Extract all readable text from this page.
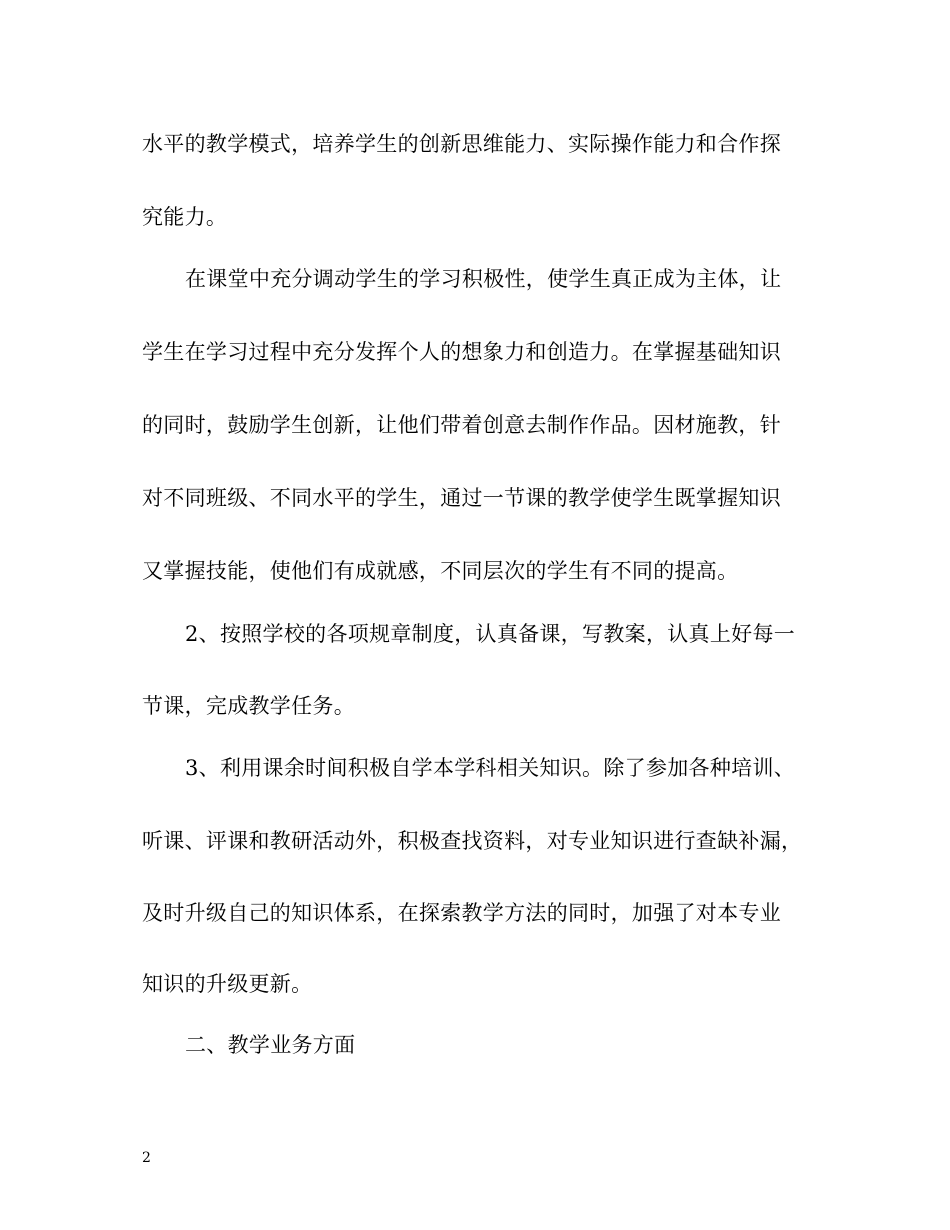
水平的教学模式，培养学生的创新思维能力、实际操作能力和合作探
究能力。
在课堂中充分调动学生的学习积极性，使学生真正成为主体，让
学生在学习过程中充分发挥个人的想象力和创造力。在掌握基础知识
的同时，鼓励学生创新，让他们带着创意去制作作品。因材施教，针
对不同班级、不同水平的学生，通过一节课的教学使学生既掌握知识
又掌握技能，使他们有成就感，不同层次的学生有不同的提高。
2、按照学校的各项规章制度，认真备课，写教案，认真上好每一
节课，完成教学任务。
3、利用课余时间积极自学本学科相关知识。除了参加各种培训、
听课、评课和教研活动外，积极查找资料，对专业知识进行查缺补漏，
及时升级自己的知识体系，在探索教学方法的同时，加强了对本专业
知识的升级更新。
二、教学业务方面
2
